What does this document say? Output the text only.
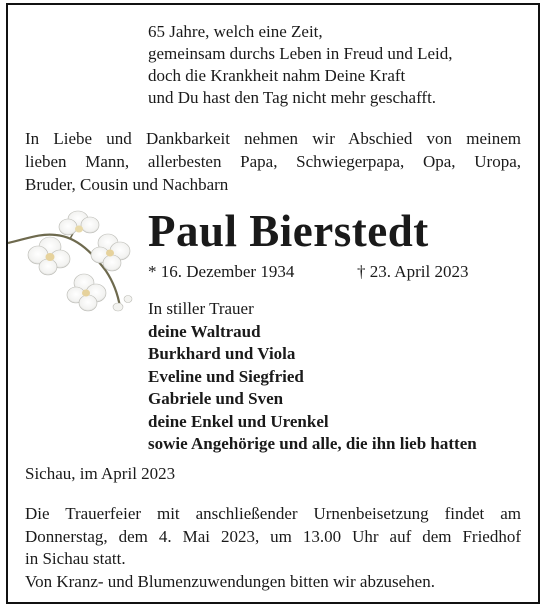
65 Jahre, welch eine Zeit,
gemeinsam durchs Leben in Freud und Leid,
doch die Krankheit nahm Deine Kraft
und Du hast den Tag nicht mehr geschafft.
In Liebe und Dankbarkeit nehmen wir Abschied von meinem
lieben Mann, allerbesten Papa, Schwiegerpapa, Opa, Uropa,
Bruder, Cousin und Nachbarn
Paul Bierstedt
* 16. Dezember 1934	† 23. April 2023
In stiller Trauer
deine Waltraud
Burkhard und Viola
Eveline und Siegfried
Gabriele und Sven
deine Enkel und Urenkel
sowie Angehörige und alle, die ihn lieb hatten
Sichau, im April 2023
Die Trauerfeier mit anschließender Urnenbeisetzung findet am
Donnerstag, dem 4. Mai 2023, um 13.00 Uhr auf dem Friedhof
in Sichau statt.
Von Kranz- und Blumenzuwendungen bitten wir abzusehen.
